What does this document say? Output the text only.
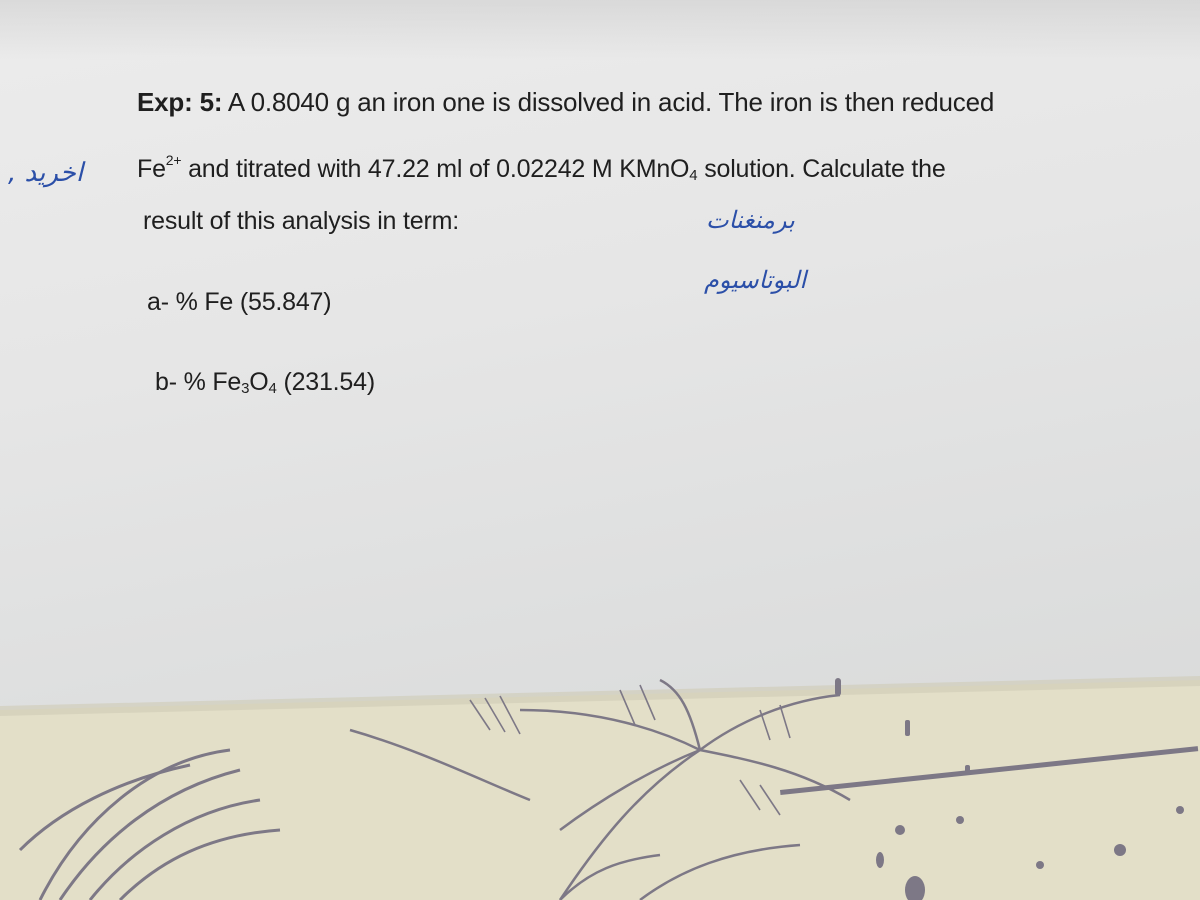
Exp: 5: A 0.8040 g an iron one is dissolved in acid. The iron is then reduced
$Fe^{2+}$ and titrated with 47.22 ml of 0.02242 M KMnO$_4$ solution. Calculate the
result of this analysis in term:
a- % Fe (55.847)
b- % $Fe_3O_4$ (231.54)
اخريد ,
برمنغنات
البوتاسيوم
